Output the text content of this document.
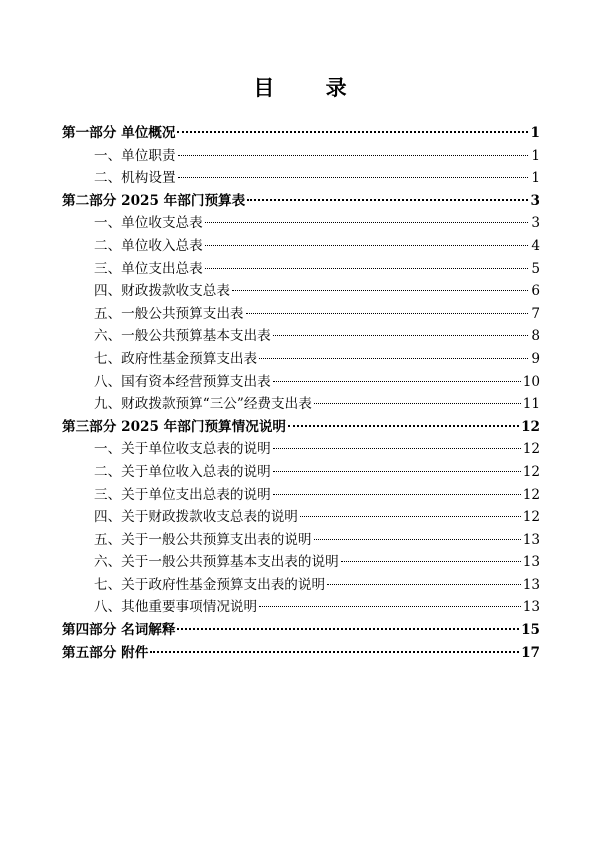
目 录
第一部分 单位概况	1
一、单位职责	1
二、机构设置	1
第二部分 2025 年部门预算表	3
一、单位收支总表	3
二、单位收入总表	4
三、单位支出总表	5
四、财政拨款收支总表	6
五、一般公共预算支出表	7
六、一般公共预算基本支出表	8
七、政府性基金预算支出表	9
八、国有资本经营预算支出表	10
九、财政拨款预算“三公”经费支出表	11
第三部分 2025 年部门预算情况说明	12
一、关于单位收支总表的说明	12
二、关于单位收入总表的说明	12
三、关于单位支出总表的说明	12
四、关于财政拨款收支总表的说明	12
五、关于一般公共预算支出表的说明	13
六、关于一般公共预算基本支出表的说明	13
七、关于政府性基金预算支出表的说明	13
八、其他重要事项情况说明	13
第四部分 名词解释	15
第五部分 附件	17
